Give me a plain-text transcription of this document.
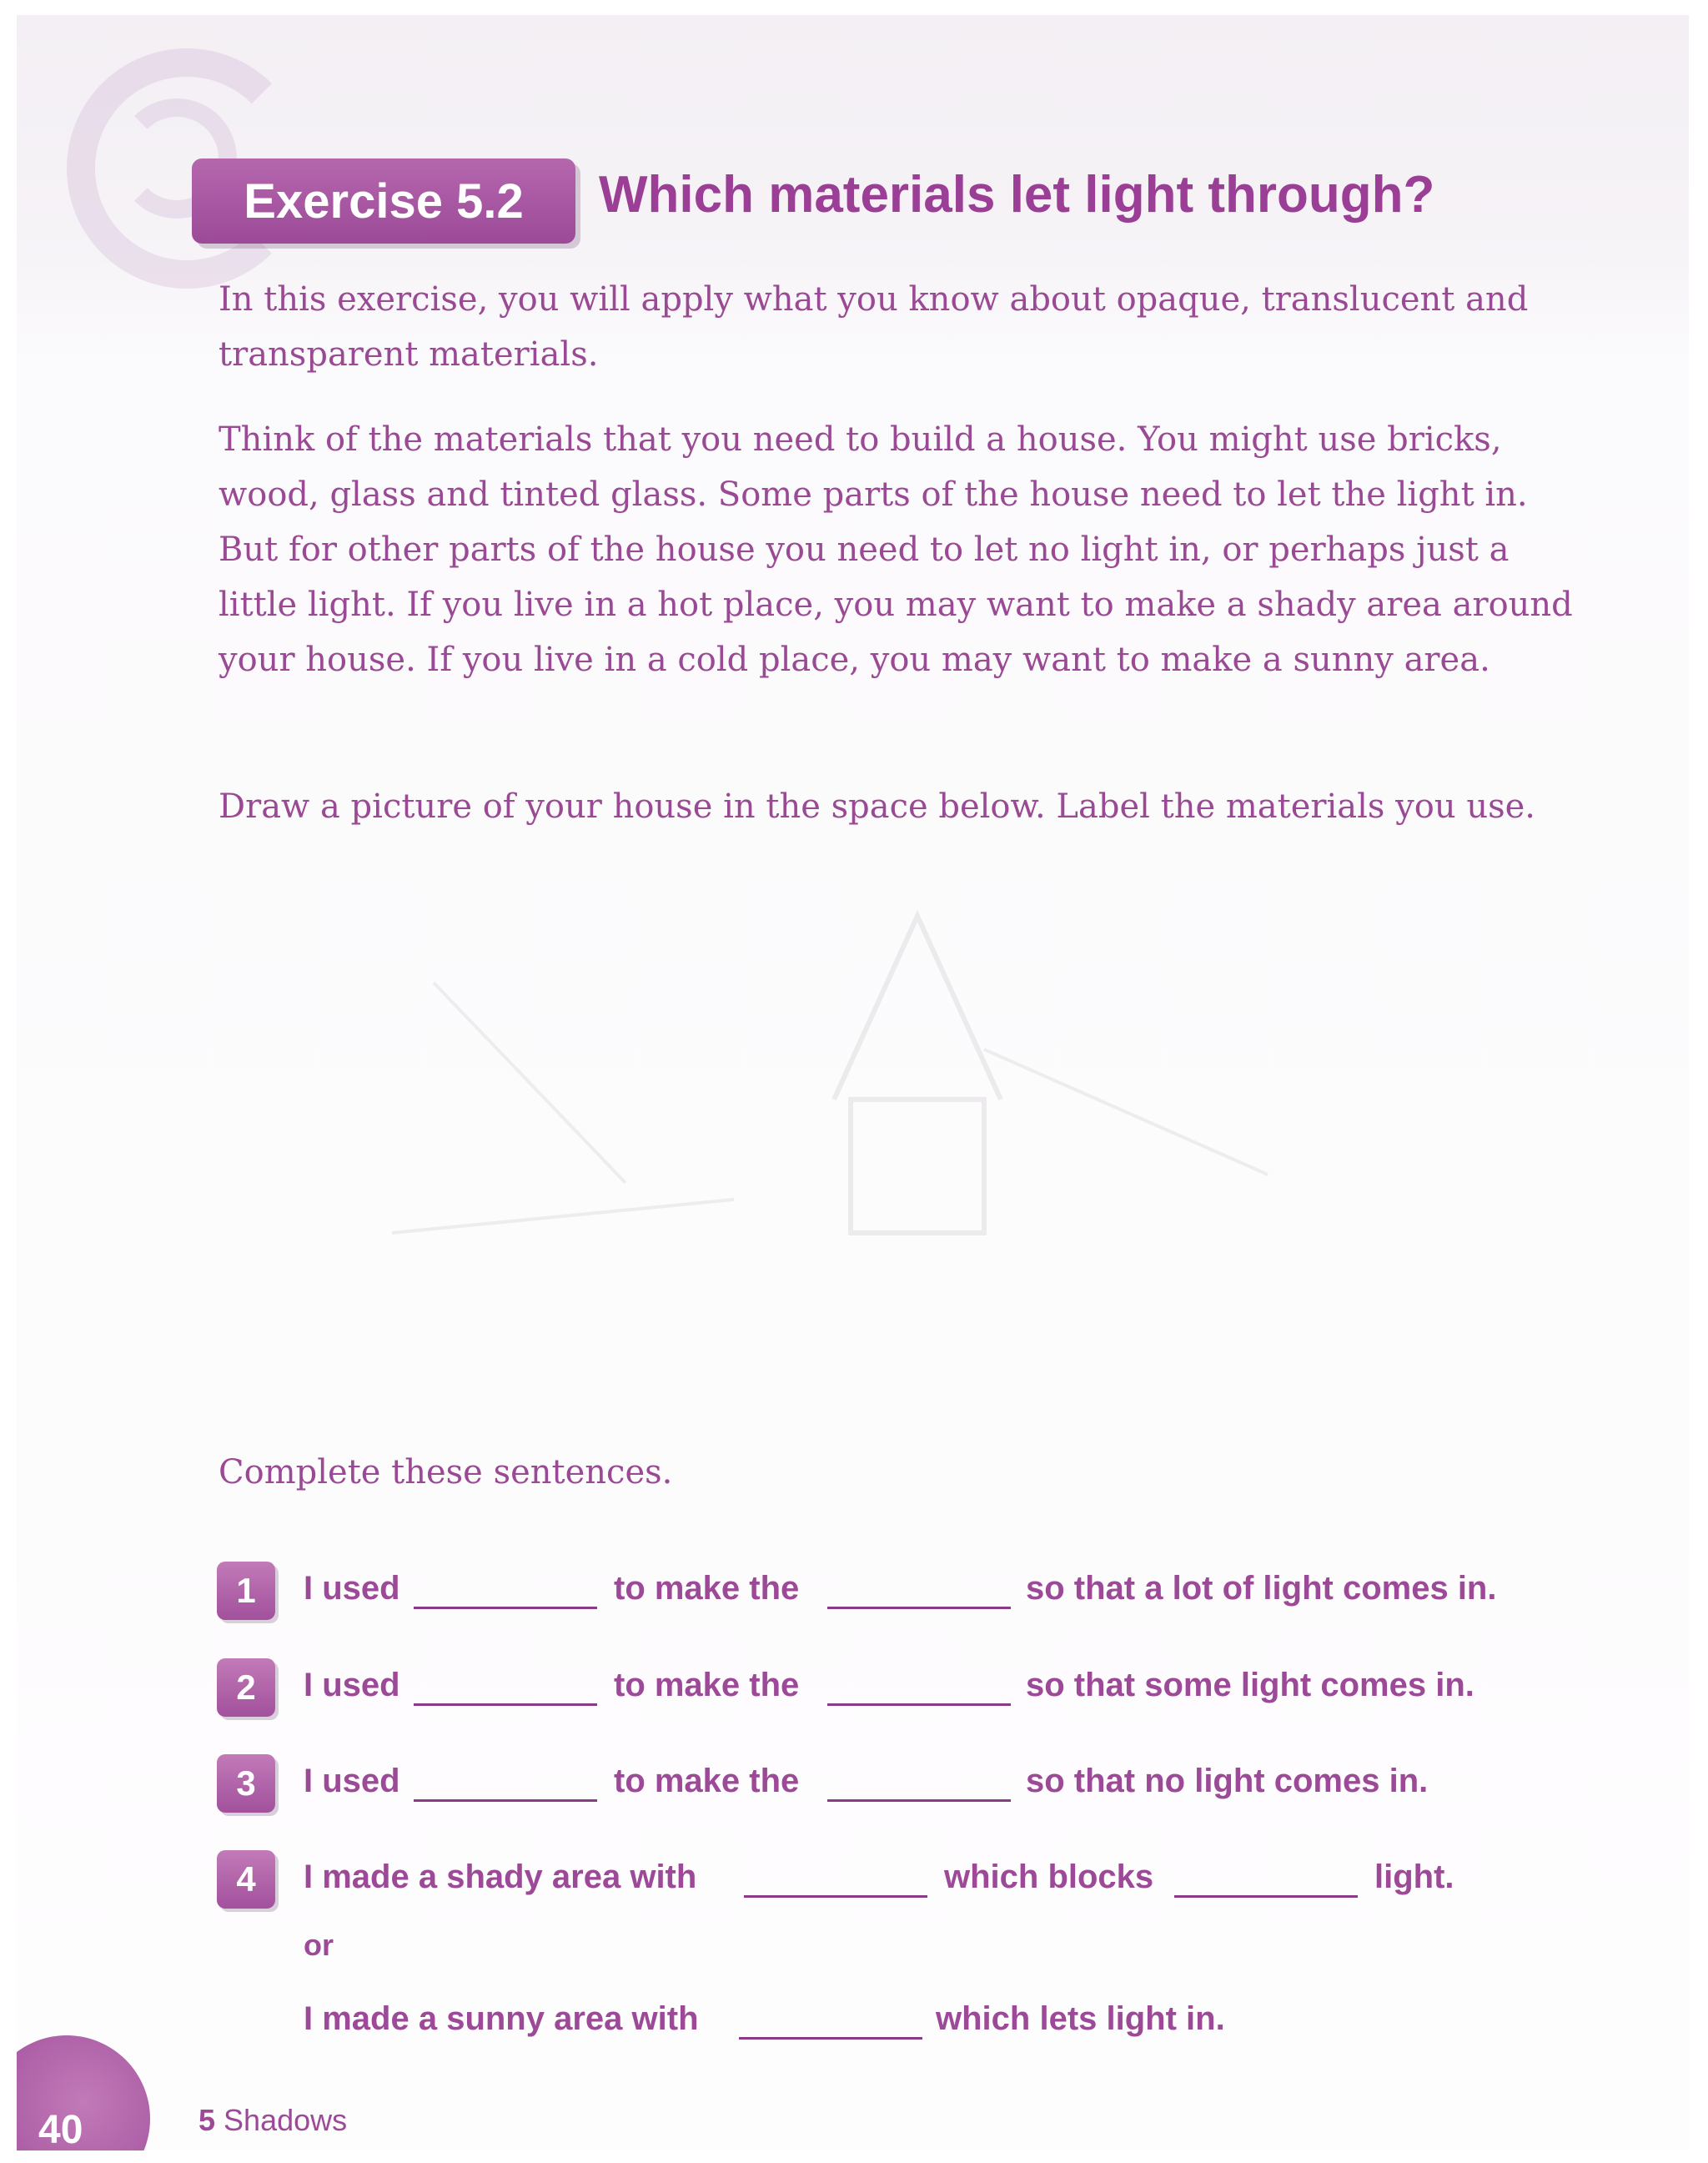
Exercise 5.2	Which materials let light through?
In this exercise, you will apply what you know about opaque, translucent and transparent materials.
Think of the materials that you need to build a house. You might use bricks, wood, glass and tinted glass. Some parts of the house need to let the light in. But for other parts of the house you need to let no light in, or perhaps just a little light. If you live in a hot place, you may want to make a shady area around your house. If you live in a cold place, you may want to make a sunny area.
Draw a picture of your house in the space below. Label the materials you use.
Complete these sentences.
1	I used	to make the	so that a lot of light comes in.
2	I used	to make the	so that some light comes in.
3	I used	to make the	so that no light comes in.
4	I made a shady area with	which blocks	light.
or
I made a sunny area with	which lets light in.
40	5 Shadows
